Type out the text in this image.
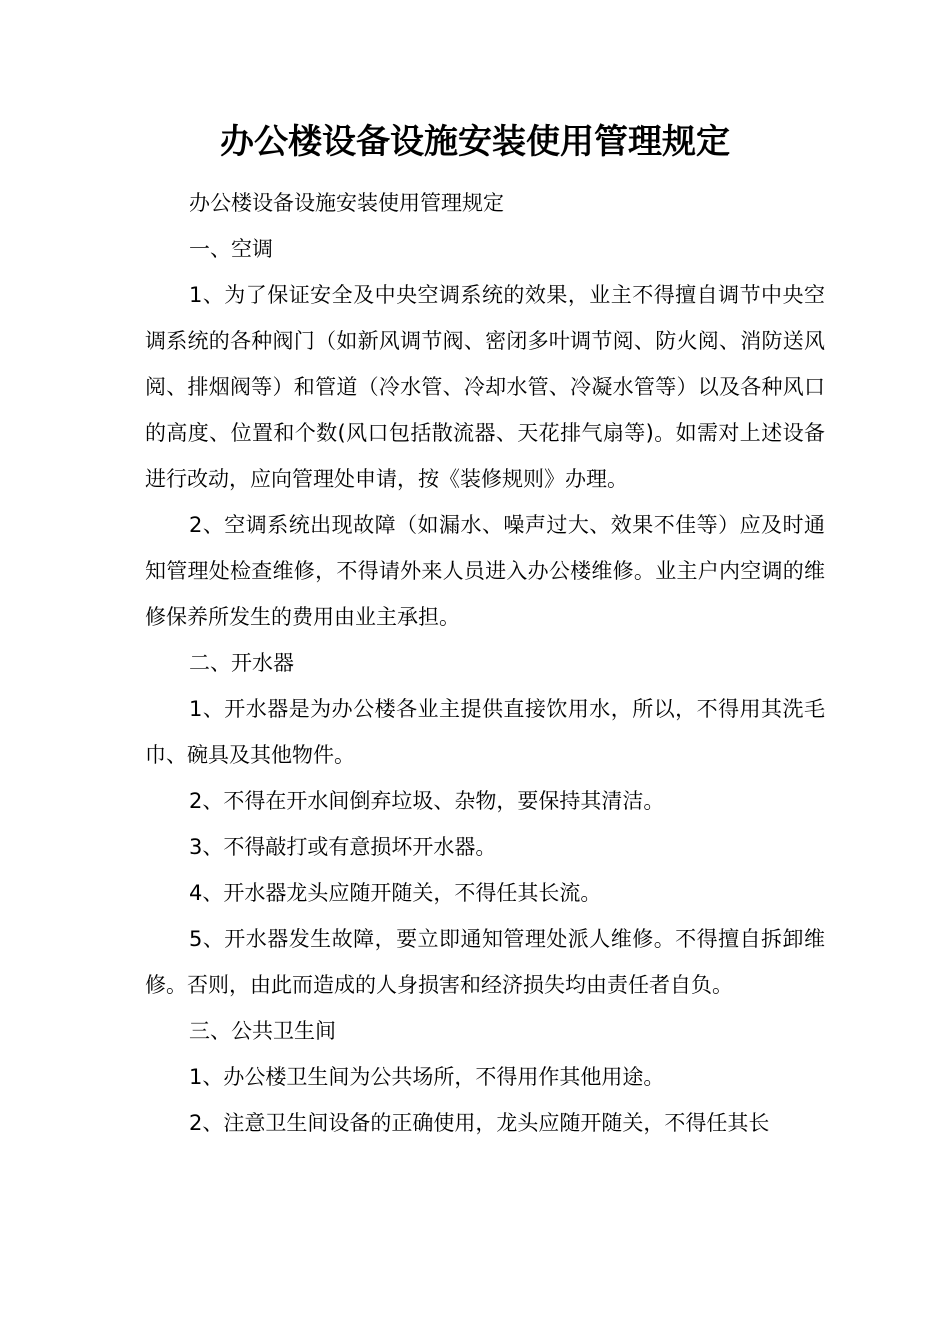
办公楼设备设施安装使用管理规定

办公楼设备设施安装使用管理规定

一、空调

1、为了保证安全及中央空调系统的效果，业主不得擅自调节中央空调系统的各种阀门（如新风调节阀、密闭多叶调节阅、防火阅、消防送风阅、排烟阀等）和管道（冷水管、冷却水管、冷凝水管等）以及各种风口的高度、位置和个数(风口包括散流器、天花排气扇等)。如需对上述设备进行改动，应向管理处申请，按《装修规则》办理。

2、空调系统出现故障（如漏水、噪声过大、效果不佳等）应及时通知管理处检查维修，不得请外来人员进入办公楼维修。业主户内空调的维修保养所发生的费用由业主承担。

二、开水器

1、开水器是为办公楼各业主提供直接饮用水，所以，不得用其洗毛巾、碗具及其他物件。

2、不得在开水间倒弃垃圾、杂物，要保持其清洁。

3、不得敲打或有意损坏开水器。

4、开水器龙头应随开随关，不得任其长流。

5、开水器发生故障，要立即通知管理处派人维修。不得擅自拆卸维修。否则，由此而造成的人身损害和经济损失均由责任者自负。

三、公共卫生间

1、办公楼卫生间为公共场所，不得用作其他用途。

2、注意卫生间设备的正确使用，龙头应随开随关，不得任其长
